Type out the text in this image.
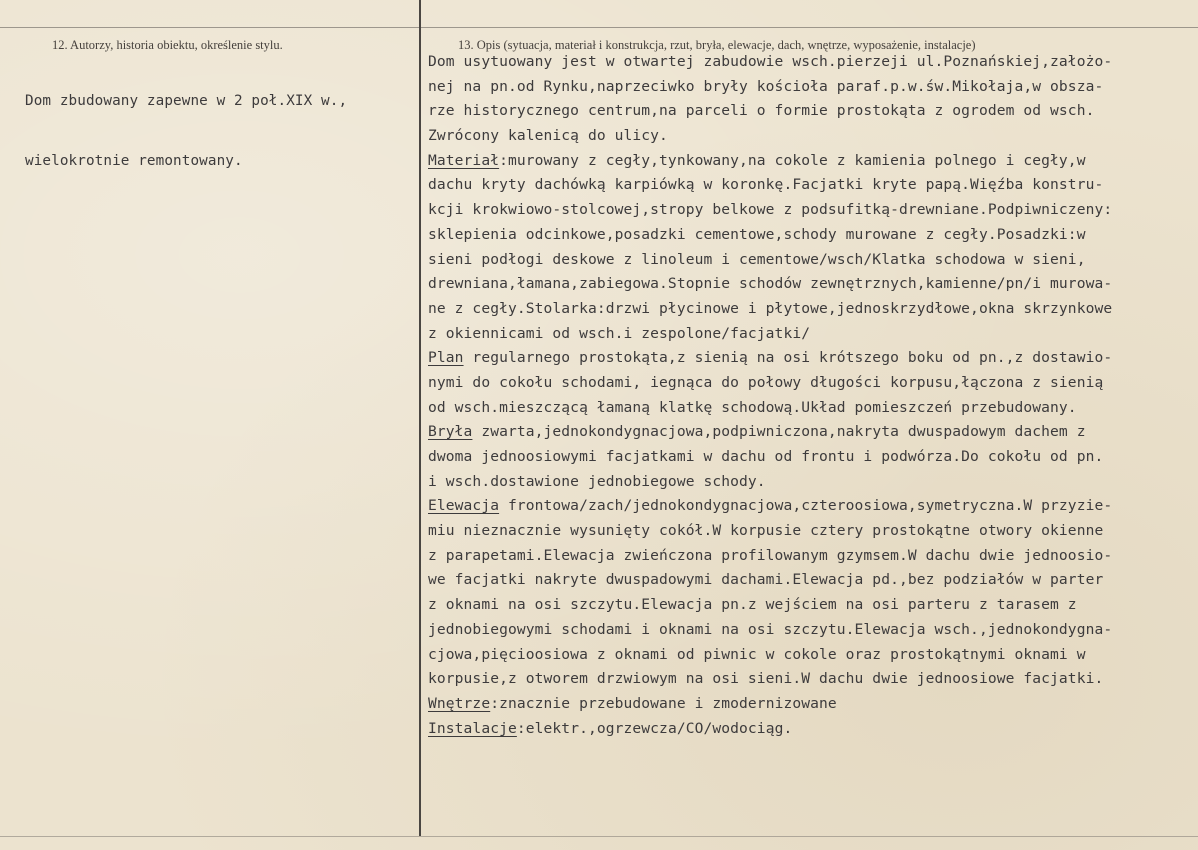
12. Autorzy, historia obiektu, określenie stylu.	13. Opis (sytuacja, materiał i konstrukcja, rzut, bryła, elewacje, dach, wnętrze, wyposażenie, instalacje)

Dom zbudowany zapewne w 2 poł.XIX w.,

wielokrotnie remontowany.

Dom usytuowany jest w otwartej zabudowie wsch.pierzeji ul.Poznańskiej,założo-
nej na pn.od Rynku,naprzeciwko bryły kościoła paraf.p.w.św.Mikołaja,w obsza-
rze historycznego centrum,na parceli o formie prostokąta z ogrodem od wsch.
Zwrócony kalenicą do ulicy.
Materiał:murowany z cegły,tynkowany,na cokole z kamienia polnego i cegły,w
dachu kryty dachówką karpiówką w koronkę.Facjatki kryte papą.Więźba konstru-
kcji krokwiowo-stolcowej,stropy belkowe z podsufitką-drewniane.Podpiwniczeny:
sklepienia odcinkowe,posadzki cementowe,schody murowane z cegły.Posadzki:w
sieni podłogi deskowe z linoleum i cementowe/wsch/Klatka schodowa w sieni,
drewniana,łamana,zabiegowa.Stopnie schodów zewnętrznych,kamienne/pn/i murowa-
ne z cegły.Stolarka:drzwi płycinowe i płytowe,jednoskrzydłowe,okna skrzynkowe
z okiennicami od wsch.i zespolone/facjatki/
Plan regularnego prostokąta,z sienią na osi krótszego boku od pn.,z dostawio-
nymi do cokołu schodami, iegnąca do połowy długości korpusu,łączona z sienią
od wsch.mieszczącą łamaną klatkę schodową.Układ pomieszczeń przebudowany.
Bryła zwarta,jednokondygnacjowa,podpiwniczona,nakryta dwuspadowym dachem z
dwoma jednoosiowymi facjatkami w dachu od frontu i podwórza.Do cokołu od pn.
i wsch.dostawione jednobiegowe schody.
Elewacja frontowa/zach/jednokondygnacjowa,czteroosiowa,symetryczna.W przyzie-
miu nieznacznie wysunięty cokół.W korpusie cztery prostokątne otwory okienne
z parapetami.Elewacja zwieńczona profilowanym gzymsem.W dachu dwie jednoosio-
we facjatki nakryte dwuspadowymi dachami.Elewacja pd.,bez podziałów w parter
z oknami na osi szczytu.Elewacja pn.z wejściem na osi parteru z tarasem z
jednobiegowymi schodami i oknami na osi szczytu.Elewacja wsch.,jednokondygna-
cjowa,pięcioosiowa z oknami od piwnic w cokole oraz prostokątnymi oknami w
korpusie,z otworem drzwiowym na osi sieni.W dachu dwie jednoosiowe facjatki.
Wnętrze:znacznie przebudowane i zmodernizowane
Instalacje:elektr.,ogrzewcza/CO/wodociąg.
